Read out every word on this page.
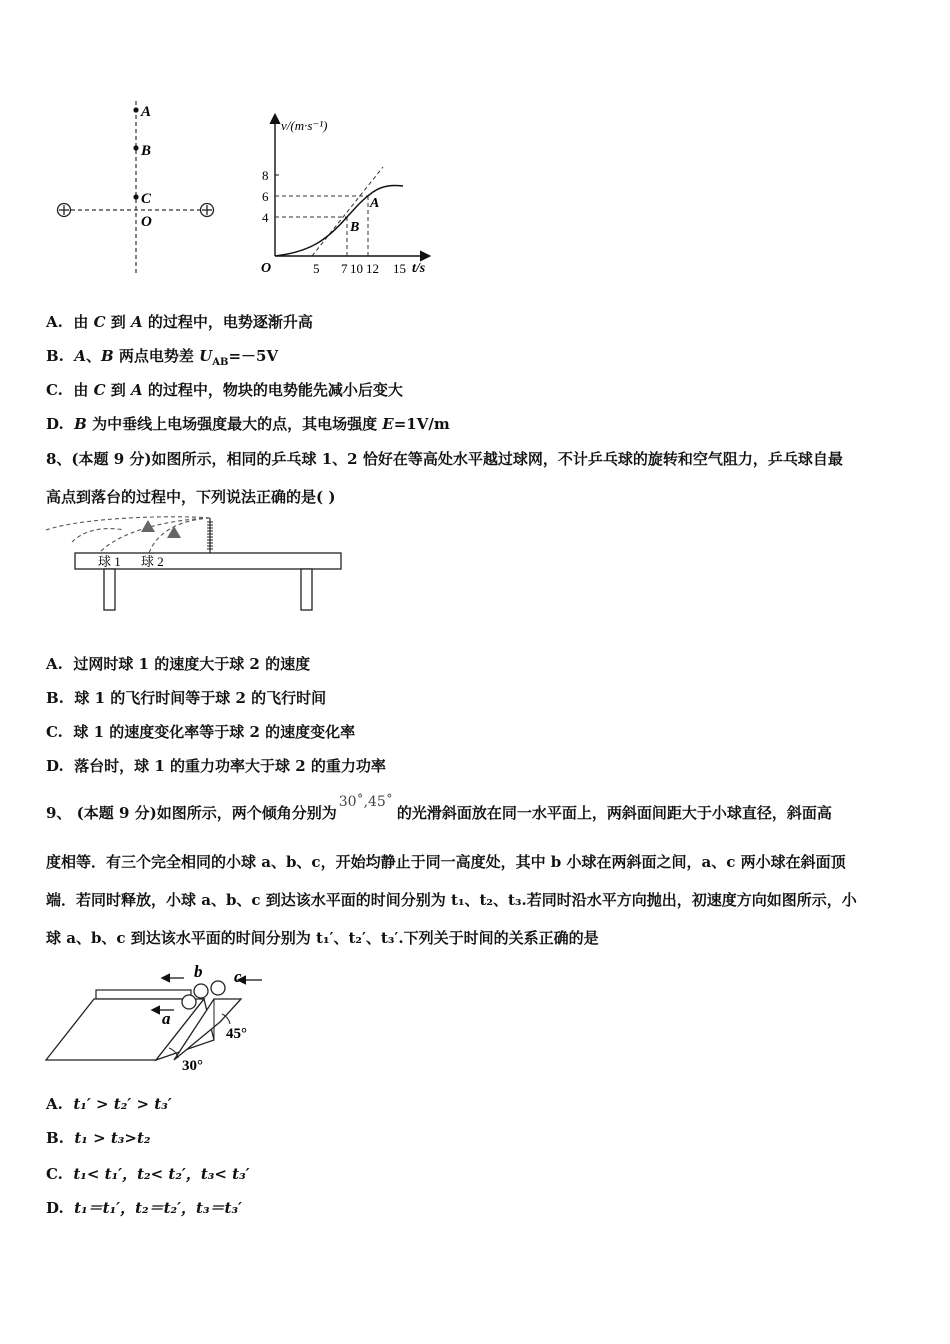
A
B
C
O
v/(m·s⁻¹)
t/s
O
8
6
4
5 7 10 12 15
A
B
A. 由 C 到 A 的过程中，电势逐渐升高
B. A、B 两点电势差 $U_{AB}=-5V$
C. 由 C 到 A 的过程中，物块的电势能先减小后变大
D. B 为中垂线上电场强度最大的点，其电场强度 E=1V/m
8、(本题 9 分)如图所示，相同的乒乓球 1、2 恰好在等高处水平越过球网，不计乒乓球的旋转和空气阻力，乒乓球自最
高点到落台的过程中，下列说法正确的是( )
球 1 球 2
A. 过网时球 1 的速度大于球 2 的速度
B. 球 1 的飞行时间等于球 2 的飞行时间
C. 球 1 的速度变化率等于球 2 的速度变化率
D. 落台时，球 1 的重力功率大于球 2 的重力功率
9、 (本题 9 分)如图所示，两个倾角分别为30˚,45˚的光滑斜面放在同一水平面上，两斜面间距大于小球直径，斜面高
度相等．有三个完全相同的小球 a、b、c，开始均静止于同一高度处，其中 b 小球在两斜面之间，a、c 两小球在斜面顶
端．若同时释放，小球 a、b、c 到达该水平面的时间分别为 t₁、t₂、t₃.若同时沿水平方向抛出，初速度方向如图所示，小
球 a、b、c 到达该水平面的时间分别为 t₁′、t₂′、t₃′.下列关于时间的关系正确的是
b
a
c
45°
30°
A. t₁′ > t₂′ > t₃′
B. t₁ > t₃>t₂
C. t₁< t₁′，t₂< t₂′，t₃< t₃′
D. t₁＝t₁′，t₂＝t₂′，t₃＝t₃′
